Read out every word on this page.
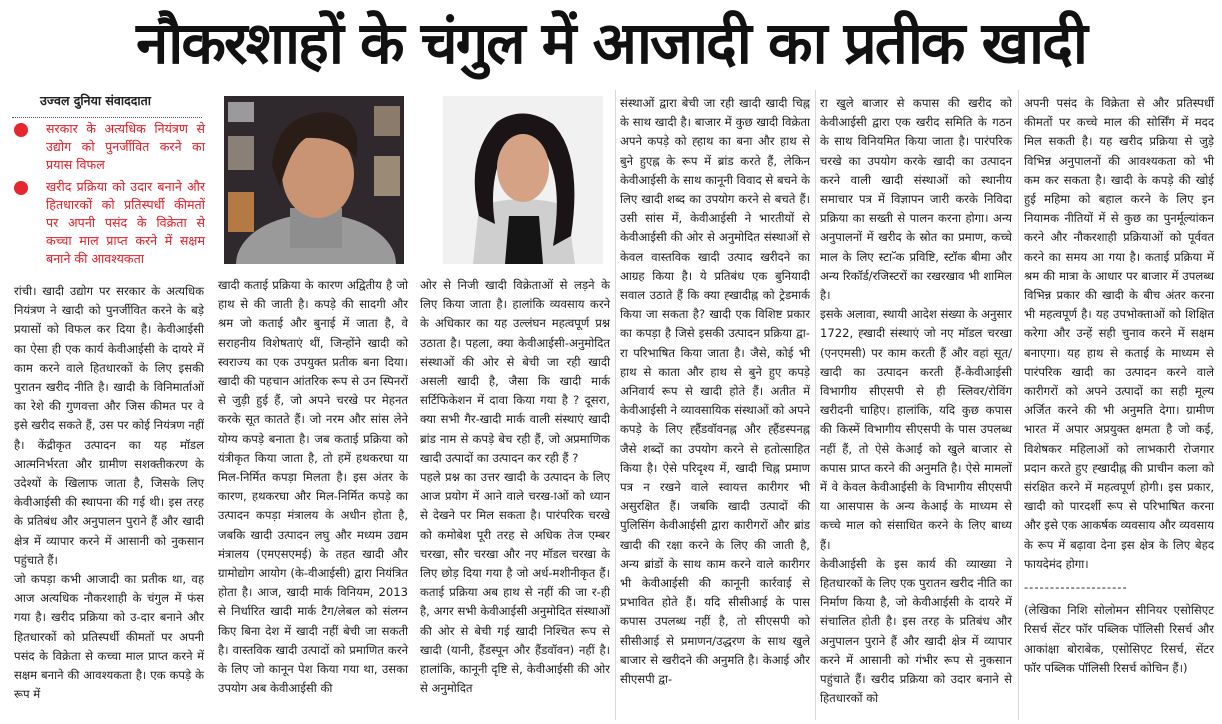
नौकरशाहों के चंगुल में आजादी का प्रतीक खादी
उज्वल दुनिया संवाददाता
सरकार के अत्यधिक नियंत्रण से उद्योग को पुनर्जीवित करने का प्रयास विफल
खरीद प्रक्रिया को उदार बनाने और हितधारकों को प्रतिस्पर्धी कीमतों पर अपनी पसंद के विक्रेता से कच्चा माल प्राप्त करने में सक्षम बनाने की आवश्यकता

रांची। खादी उद्योग पर सरकार के अत्यधिक नियंत्रण ने खादी को पुनर्जीवित करने के बड़े प्रयासों को विफल कर दिया है। केवीआईसी का ऐसा ही एक कार्य केवीआईसी के दायरे में काम करने वाले हितधारकों के लिए इसकी पुरातन खरीद नीति है। खादी के विनिमार्ताओं का रेशे की गुणवत्ता और जिस कीमत पर वे इसे खरीद सकते हैं, उस पर कोई नियंत्रण नहीं है। केंद्रीकृत उत्पादन का यह मॉडल आत्मनिर्भरता और ग्रामीण सशक्तीकरण के उदेश्यों के खिलाफ जाता है, जिसके लिए केवीआईसी की स्थापना की गई थी। इस तरह के प्रतिबंध और अनुपालन पुराने हैं और खादी क्षेत्र में व्यापार करने में आसानी को नुकसान पहुंचाते हैं।

जो कपड़ा कभी आजादी का प्रतीक था, वह आज अत्यधिक नौकरशाही के चंगुल में फंस गया है। खरीद प्रक्रिया को उ-दार बनाने और हितधारकों को प्रतिस्पर्धी कीमतों पर अपनी पसंद के विक्रेता से कच्चा माल प्राप्त करने में सक्षम बनाने की आवश्यकता है। एक कपड़े के रूप में

खादी कताई प्रक्रिया के कारण अद्वितीय है जो हाथ से की जाती है। कपड़े की सादगी और श्रम जो कताई और बुनाई में जाता है, वे सराहनीय विशेषताएं थीं, जिन्होंने खादी को स्वराज्य का एक उपयुक्त प्रतीक बना दिया। खादी की पहचान आंतरिक रूप से उन स्पिनरों से जुड़ी हुई हैं, जो अपने चरखे पर मेहनत करके सूत कातते हैं। जो नरम और सांस लेने योग्य कपड़े बनाता है। जब कताई प्रक्रिया को यंत्रीकृत किया जाता है, तो हमें हथकरघा या मिल-निर्मित कपड़ा मिलता है। इस अंतर के कारण, हथकरघा और मिल-निर्मित कपड़े का उत्पादन कपड़ा मंत्रालय के अधीन होता है, जबकि खादी उत्पादन लघु और मध्यम उद्यम मंत्रालय (एमएसएमई) के तहत खादी और ग्रामोद्योग आयोग (के-वीआईसी) द्वारा नियंत्रित होता है। आज, खादी मार्क विनियम, 2013 से निर्धारित खादी मार्क टैग/लेबल को संलग्न किए बिना देश में खादी नहीं बेची जा सकती है। वास्तविक खादी उत्पादों को प्रमाणित करने के लिए जो कानून पेश किया गया था, उसका उपयोग अब केवीआईसी की

ओर से निजी खादी विक्रेताओं से लड़ने के लिए किया जाता है। हालांकि व्यवसाय करने के अधिकार का यह उल्लंघन महत्वपूर्ण प्रश्न उठाता है। पहला, क्या केवीआईसी-अनुमोदित संस्थाओं की ओर से बेची जा रही खादी असली खादी है, जैसा कि खादी मार्क सर्टिफिकेशन में दावा किया गया है ? दूसरा, क्या सभी गैर-खादी मार्क वाली संस्थाएं खादी ब्रांड नाम से कपड़े बेच रही हैं, जो अप्रमाणिक खादी उत्पादों का उत्पादन कर रही हैं ?

पहले प्रश्न का उत्तर खादी के उत्पादन के लिए आज प्रयोग में आने वाले चरख-ाओं को ध्यान से देखने पर मिल सकता है। पारंपरिक चरखे को कमोबेश पूरी तरह से अधिक तेज एम्बर चरखा, सौर चरखा और नए मॉडल चरखा के लिए छोड़ दिया गया है जो अर्ध-मशीनीकृत हैं। कताई प्रक्रिया अब हाथ से नहीं की जा र-ही है, अगर सभी केवीआईसी अनुमोदित संस्थाओं की ओर से बेची गई खादी निश्चित रूप से खादी (यानी, हैंडस्पून और हैंडवॉवन) नहीं है। हालांकि, कानूनी दृष्टि से, केवीआईसी की ओर से अनुमोदित

संस्थाओं द्वारा बेची जा रही खादी खादी चिह्न के साथ खादी है। बाजार में कुछ खादी विक्रेता अपने कपड़े को ह्हाथ का बना और हाथ से बुने हुएह्न के रूप में ब्रांड करते हैं, लेकिन केवीआईसी के साथ कानूनी विवाद से बचने के लिए खादी शब्द का उपयोग करने से बचते हैं। उसी सांस में, केवीआईसी ने भारतीयों से केवीआईसी की ओर से अनुमोदित संस्थाओं से केवल वास्तविक खादी उत्पाद खरीदने का आग्रह किया है। ये प्रतिबंध एक बुनियादी सवाल उठाते हैं कि क्या ह्खादीह्न को ट्रेडमार्क किया जा सकता है? खादी एक विशिष्ट प्रकार का कपड़ा है जिसे इसकी उत्पादन प्रक्रिया द्वा-रा परिभाषित किया जाता है। जैसे, कोई भी हाथ से काता और हाथ से बुने हुए कपड़े अनिवार्य रूप से खादी होते हैं। अतीत में केवीआईसी ने व्यावसायिक संस्थाओं को अपने कपड़े के लिए ह्हैंडवॉवनह्न और ह्हैंडस्पनह्न जैसे शब्दों का उपयोग करने से हतोत्साहित किया है। ऐसे परिदृश्य में, खादी चिह्न प्रमाण पत्र न रखने वाले स्वायत्त कारीगर भी असुरक्षित हैं। जबकि खादी उत्पादों की पुलिसिंग केवीआईसी द्वारा कारीगरों और ब्रांड खादी की रक्षा करने के लिए की जाती है, अन्य ब्रांडों के साथ काम करने वाले कारीगर भी केवीआईसी की कानूनी कार्रवाई से प्रभावित होते हैं। यदि सीसीआई के पास कपास उपलब्ध नहीं है, तो सीएसपी को सीसीआई से प्रमाणन/उद्धरण के साथ खुले बाजार से खरीदने की अनुमति है। केआई और सीएसपी द्वा-

रा खुले बाजार से कपास की खरीद को केवीआईसी द्वारा एक खरीद समिति के गठन के साथ विनियमित किया जाता है। पारंपरिक चरखे का उपयोग करके खादी का उत्पादन करने वाली खादी संस्थाओं को स्थानीय समाचार पत्र में विज्ञापन जारी करके निविदा प्रक्रिया का सख्ती से पालन करना होगा। अन्य अनुपालनों में खरीद के स्रोत का प्रमाण, कच्चे माल के लिए स्टा-ॅक प्रविष्टि, स्टॉक बीमा और अन्य रिकॉर्ड/रजिस्टरों का रखरखाव भी शामिल है।

इसके अलावा, स्थायी आदेश संख्या के अनुसार 1722, ह्खादी संस्थाएं जो नए मॉडल चरखा (एनएमसी) पर काम करती हैं और वहां सूत/खादी का उत्पादन करती हैं-केवीआईसी विभागीय सीएसपी से ही स्लिवर/रोविंग खरीदनी चाहिए। हालांकि, यदि कुछ कपास की किस्में विभागीय सीएसपी के पास उपलब्ध नहीं हैं, तो ऐसे केआई को खुले बाजार से कपास प्राप्त करने की अनुमति है। ऐसे मामलों में वे केवल केवीआईसी के विभागीय सीएसपी या आसपास के अन्य केआई के माध्यम से कच्चे माल को संसाधित करने के लिए बाध्य हैं।

केवीआईसी के इस कार्य की व्याख्या ने हितधारकों के लिए एक पुरातन खरीद नीति का निर्माण किया है, जो केवीआईसी के दायरे में संचालित होती है। इस तरह के प्रतिबंध और अनुपालन पुराने हैं और खादी क्षेत्र में व्यापार करने में आसानी को गंभीर रूप से नुकसान पहुंचाते हैं। खरीद प्रक्रिया को उदार बनाने से हितधारकों को

अपनी पसंद के विक्रेता से और प्रतिस्पर्धी कीमतों पर कच्चे माल की सोर्सिंग में मदद मिल सकती है। यह खरीद प्रक्रिया से जुड़े विभिन्न अनुपालनों की आवश्यकता को भी कम कर सकता है। खादी के कपड़े की खोई हुई महिमा को बहाल करने के लिए इन नियामक नीतियों में से कुछ का पुनर्मूल्यांकन करने और नौकरशाही प्रक्रियाओं को पूर्ववत करने का समय आ गया है। कताई प्रक्रिया में श्रम की मात्रा के आधार पर बाजार में उपलब्ध विभिन्न प्रकार की खादी के बीच अंतर करना भी महत्वपूर्ण है। यह उपभोक्ताओं को शिक्षित करेगा और उन्हें सही चुनाव करने में सक्षम बनाएगा। यह हाथ से कताई के माध्यम से पारंपरिक खादी का उत्पादन करने वाले कारीगरों को अपने उत्पादों का सही मूल्य अर्जित करने की भी अनुमति देगा। ग्रामीण भारत में अपार अप्रयुक्त क्षमता है जो कई, विशेषकर महिलाओं को लाभकारी रोजगार प्रदान करते हुए ह्खादीह्न की प्राचीन कला को संरक्षित करने में महत्वपूर्ण होगी। इस प्रकार, खादी को पारदर्शी रूप से परिभाषित करना और इसे एक आकर्षक व्यवसाय और व्यवसाय के रूप में बढ़ावा देना इस क्षेत्र के लिए बेहद फायदेमंद होगा।

--------------------

(लेखिका निशि सोलोमन सीनियर एसोसिएट रिसर्च सेंटर फॉर पब्लिक पॉलिसी रिसर्च और आकांक्षा बोराबेक, एसोसिएट रिसर्च, सेंटर फॉर पब्लिक पॉलिसी रिसर्च कोचिन हैं।)
